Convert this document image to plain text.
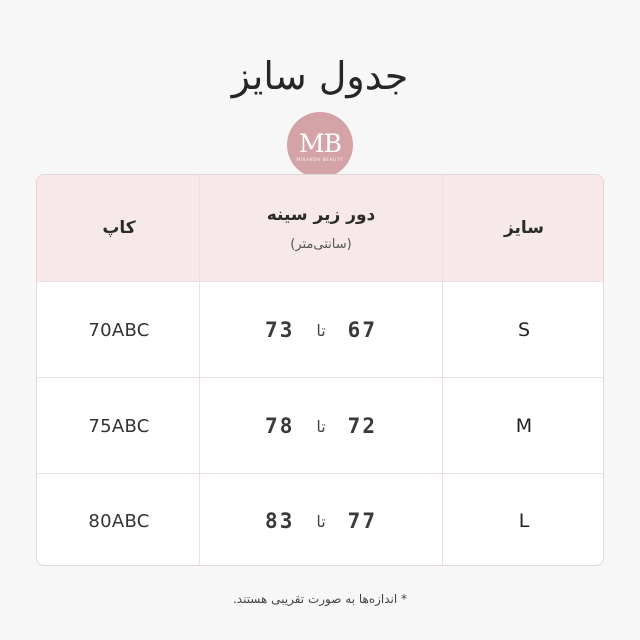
جدول سایز
MB
MIRANDA BEAUTY
سایز
دور زیر سینه
(سانتی‌متر)
کاپ
S
67
تا
73
70ABC
M
72
تا
78
75ABC
L
77
تا
83
80ABC
* اندازه‌ها به صورت تقریبی هستند.
